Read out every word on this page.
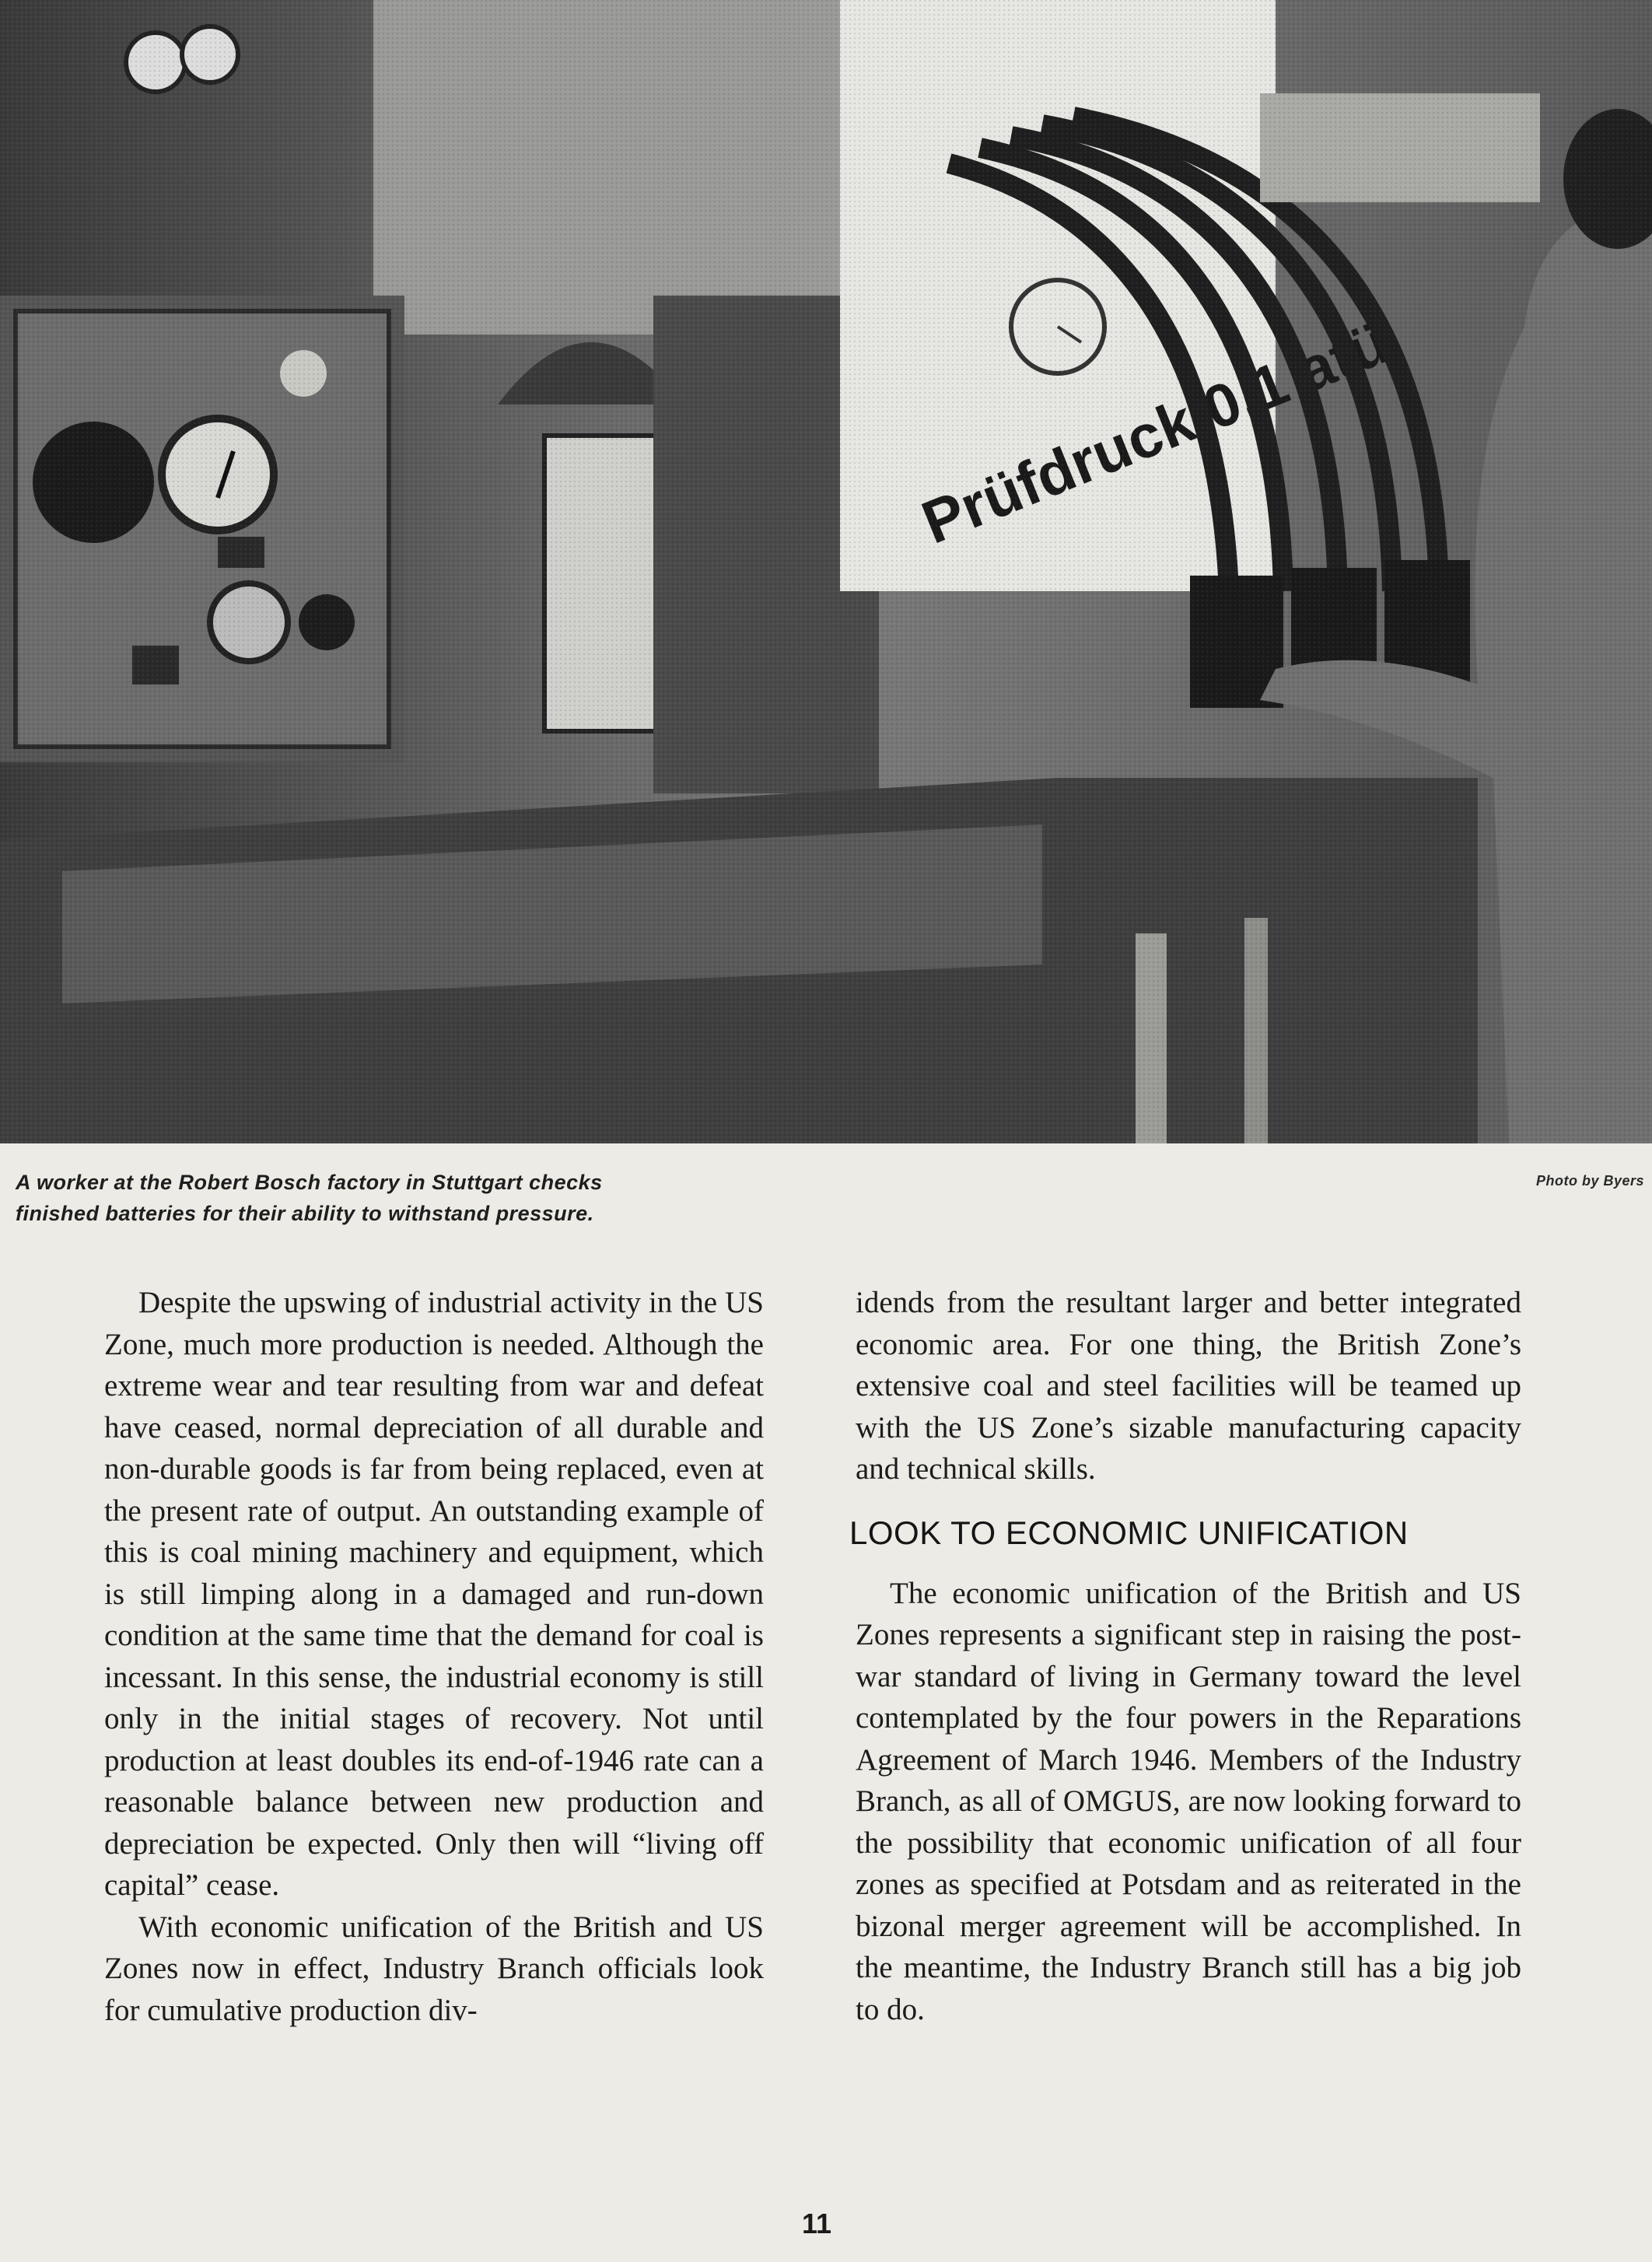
A worker at the Robert Bosch factory in Stuttgart checks
finished batteries for their ability to withstand pressure.
Photo by Byers

Despite the upswing of industrial activity in the US Zone, much more production is needed. Although the extreme wear and tear resulting from war and defeat have ceased, normal depreciation of all durable and non-durable goods is far from being replaced, even at the present rate of output. An outstanding example of this is coal mining machinery and equipment, which is still limping along in a damaged and run-down condition at the same time that the demand for coal is incessant. In this sense, the industrial economy is still only in the initial stages of recovery. Not until production at least doubles its end-of-1946 rate can a reasonable balance between new production and depreciation be expected. Only then will “living off capital” cease.

With economic unification of the British and US Zones now in effect, Industry Branch officials look for cumulative production div-

idends from the resultant larger and better integrated economic area. For one thing, the British Zone’s extensive coal and steel facilities will be teamed up with the US Zone’s sizable manufacturing capacity and technical skills.

LOOK TO ECONOMIC UNIFICATION

The economic unification of the British and US Zones represents a significant step in raising the post-war standard of living in Germany toward the level contemplated by the four powers in the Reparations Agreement of March 1946. Members of the Industry Branch, as all of OMGUS, are now looking forward to the possibility that economic unification of all four zones as specified at Potsdam and as reiterated in the bizonal merger agreement will be accomplished. In the meantime, the Industry Branch still has a big job to do.

11
